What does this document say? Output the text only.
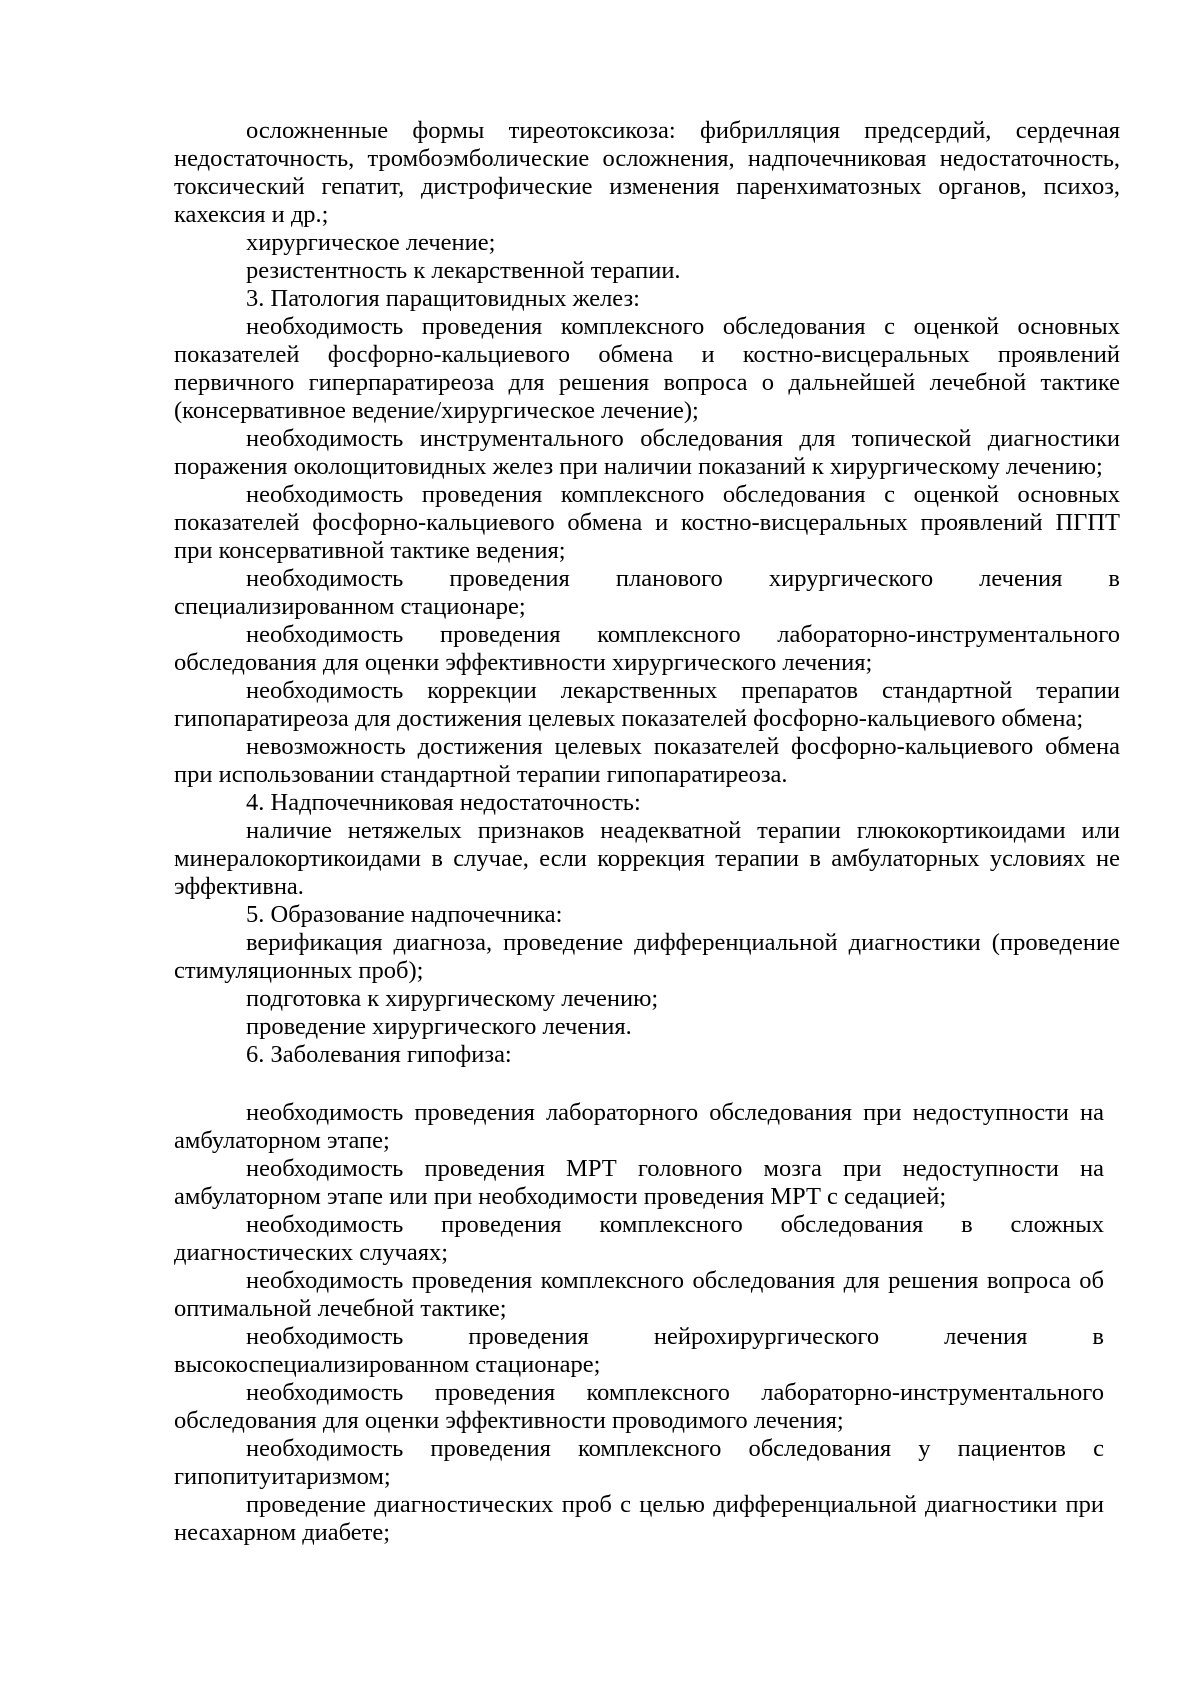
осложненные формы тиреотоксикоза: фибрилляция предсердий, сердечная недостаточность, тромбоэмболические осложнения, надпочечниковая недостаточность, токсический гепатит, дистрофические изменения паренхиматозных органов, психоз, кахексия и др.;

хирургическое лечение;

резистентность к лекарственной терапии.

3. Патология паращитовидных желез:

необходимость проведения комплексного обследования с оценкой основных показателей фосфорно-кальциевого обмена и костно-висцеральных проявлений первичного гиперпаратиреоза для решения вопроса о дальнейшей лечебной тактике (консервативное ведение/хирургическое лечение);

необходимость инструментального обследования для топической диагностики поражения околощитовидных желез при наличии показаний к хирургическому лечению;

необходимость проведения комплексного обследования с оценкой основных показателей фосфорно-кальциевого обмена и костно-висцеральных проявлений ПГПТ при консервативной тактике ведения;

необходимость проведения планового хирургического лечения в специализированном стационаре;

необходимость проведения комплексного лабораторно-инструментального обследования для оценки эффективности хирургического лечения;

необходимость коррекции лекарственных препаратов стандартной терапии гипопаратиреоза для достижения целевых показателей фосфорно-кальциевого обмена;

невозможность достижения целевых показателей фосфорно-кальциевого обмена при использовании стандартной терапии гипопаратиреоза.

4. Надпочечниковая недостаточность:

наличие нетяжелых признаков неадекватной терапии глюкокортикоидами или минералокортикоидами в случае, если коррекция терапии в амбулаторных условиях не эффективна.

5. Образование надпочечника:

верификация диагноза, проведение дифференциальной диагностики (проведение стимуляционных проб);

подготовка к хирургическому лечению;

проведение хирургического лечения.

6. Заболевания гипофиза:

необходимость проведения лабораторного обследования при недоступности на амбулаторном этапе;

необходимость проведения МРТ головного мозга при недоступности на амбулаторном этапе или при необходимости проведения МРТ с седацией;

необходимость проведения комплексного обследования в сложных диагностических случаях;

необходимость проведения комплексного обследования для решения вопроса об оптимальной лечебной тактике;

необходимость проведения нейрохирургического лечения в высокоспециализированном стационаре;

необходимость проведения комплексного лабораторно-инструментального обследования для оценки эффективности проводимого лечения;

необходимость проведения комплексного обследования у пациентов с гипопитуитаризмом;

проведение диагностических проб с целью дифференциальной диагностики при несахарном диабете;
